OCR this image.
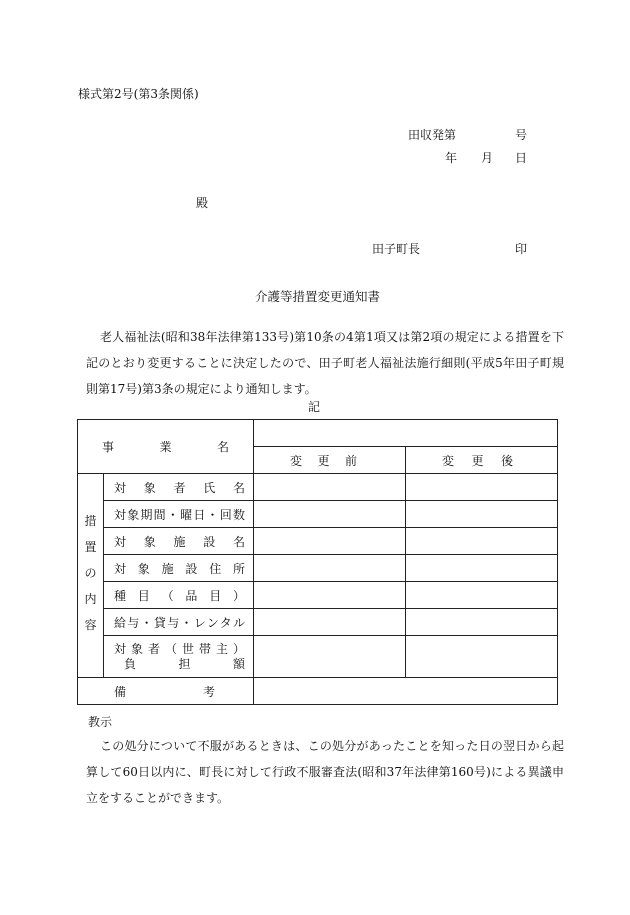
様式第2号(第3条関係)
田収発第	号
年 月 日
殿
田子町長	印
介護等措置変更通知書
老人福祉法(昭和38年法律第133号)第10条の4第1項又は第2項の規定による措置を下記のとおり変更することに決定したので、田子町老人福祉法施行細則(平成5年田子町規則第17号)第3条の規定により通知します。
記
事業名			
		変更前	変更後

措
置
の
内
容	対象者氏名		
	対象期間・曜日・回数		
	対象施設名		
	対象施設住所		
	種目（品目）		
	給与・貸与・レンタル		

	対象者（世帯主）
負担額		

備考			
教示
この処分について不服があるときは、この処分があったことを知った日の翌日から起算して60日以内に、町長に対して行政不服審査法(昭和37年法律第160号)による異議申立をすることができます。
